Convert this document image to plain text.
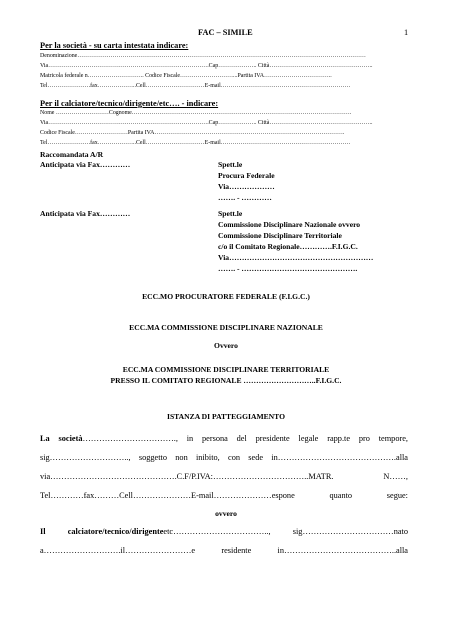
FAC – SIMILE	1
Per la società - su carta intestata indicare:
Denominazione…………………………………………………………………………………………………………………………………
Via……………………………………………………………………….Cap……………….. Città……………………………………………..
Matricola federale n……………………….. Codice Fiscale………………………...Partita IVA……………………………..
Tel………………….fax………………..Cell…………………………E-mail…………………………………………………………
Per il calciatore/tecnico/dirigente/etc…. - indicare:
Nome ………………………Cognome………………………………………………………………………………………………….
Via……………………………………………………………………….Cap……………….. Città……………………………………………..
Codice Fiscale………………………Partita IVA…………………………………………………………………………………….
Tel………………….fax………………..Cell…………………………E-mail…………………………………………………………
Raccomandata A/R
Anticipata via Fax…………	Spett.le
Procura Federale
Via………………
……. - …………
Anticipata via Fax…………	Spett.le
Commissione Disciplinare Nazionale ovvero
Commissione Disciplinare Territoriale
c/o il Comitato Regionale………….F.I.G.C.
Via…………………………………………………
……. - ……………………………………….
ECC.MO PROCURATORE FEDERALE (F.I.G.C.)
ECC.MA COMMISSIONE DISCIPLINARE NAZIONALE
Ovvero
ECC.MA COMMISSIONE DISCIPLINARE TERRITORIALE
PRESSO IL COMITATO REGIONALE ………………………..F.I.G.C.
ISTANZA DI PATTEGGIAMENTO
La società……………………………., in persona del presidente legale rapp.te pro tempore,
sig……………………….., soggetto non inibito, con sede in…………………………………….alla
via……………………………………….C.F/P.IVA:……………………………..MATR. N……,
Tel…………fax………Cell…………………E-mail…………………espone quanto segue:
ovvero
Il calciatore/tecnico/dirigenteetc…………………………….., sig……………………………nato
a……………………….il……………………e residente in…………………………………..alla
